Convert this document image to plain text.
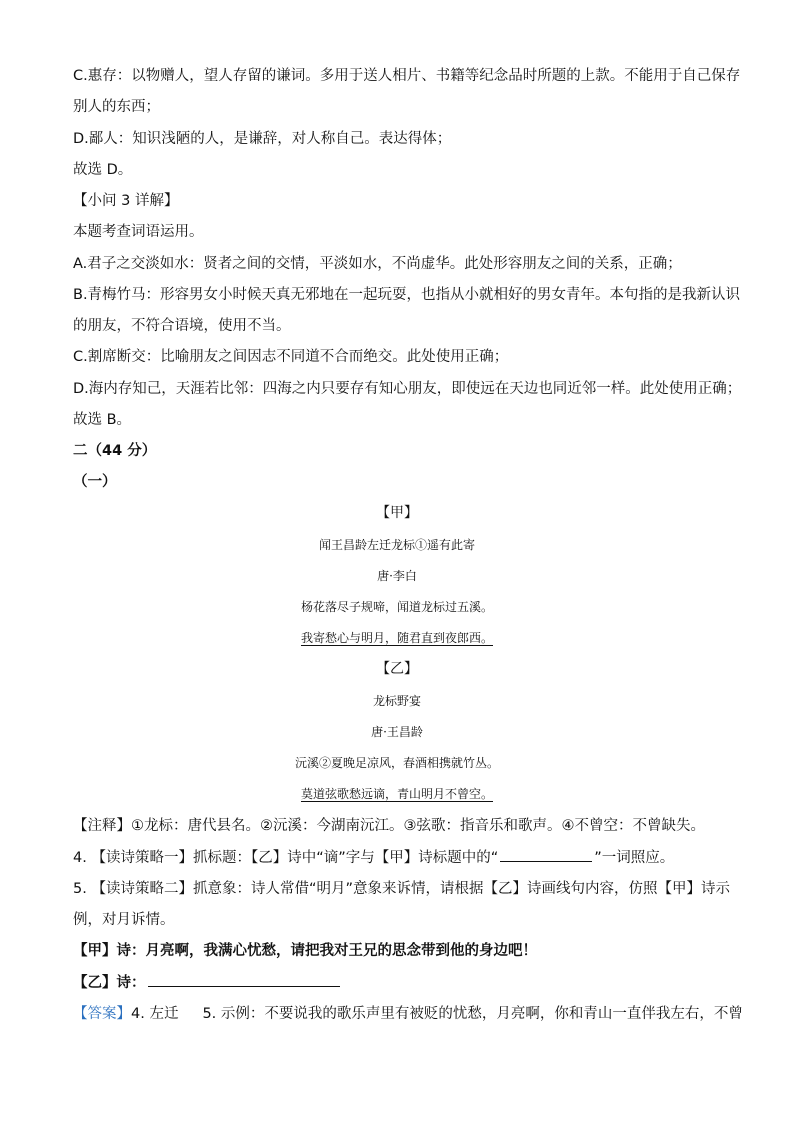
C.惠存：以物赠人，望人存留的谦词。多用于送人相片、书籍等纪念品时所题的上款。不能用于自己保存
别人的东西；
D.鄙人：知识浅陋的人，是谦辞，对人称自己。表达得体；
故选 D。
【小问 3 详解】
本题考查词语运用。
A.君子之交淡如水：贤者之间的交情，平淡如水，不尚虚华。此处形容朋友之间的关系，正确；
B.青梅竹马：形容男女小时候天真无邪地在一起玩耍，也指从小就相好的男女青年。本句指的是我新认识
的朋友，不符合语境，使用不当。
C.割席断交：比喻朋友之间因志不同道不合而绝交。此处使用正确；
D.海内存知己，天涯若比邻：四海之内只要存有知心朋友，即使远在天边也同近邻一样。此处使用正确；
故选 B。
二（44 分）
（一）
【甲】
闻王昌龄左迁龙标①遥有此寄
唐·李白
杨花落尽子规啼，闻道龙标过五溪。
我寄愁心与明月，随君直到夜郎西。
【乙】
龙标野宴
唐·王昌龄
沅溪②夏晚足凉风，春酒相携就竹丛。
莫道弦歌愁远谪，青山明月不曾空。
【注释】①龙标：唐代县名。②沅溪：今湖南沅江。③弦歌：指音乐和歌声。④不曾空：不曾缺失。
4. 【读诗策略一】抓标题：【乙】诗中“谪”字与【甲】诗标题中的“	”一词照应。
5. 【读诗策略二】抓意象：诗人常借“明月”意象来诉情，请根据【乙】诗画线句内容，仿照【甲】诗示
例，对月诉情。
【甲】诗：月亮啊，我满心忧愁，请把我对王兄的思念带到他的身边吧！
【乙】诗：
【答案】4. 左迁 5. 示例：不要说我的歌乐声里有被贬的忧愁，月亮啊，你和青山一直伴我左右，不曾
